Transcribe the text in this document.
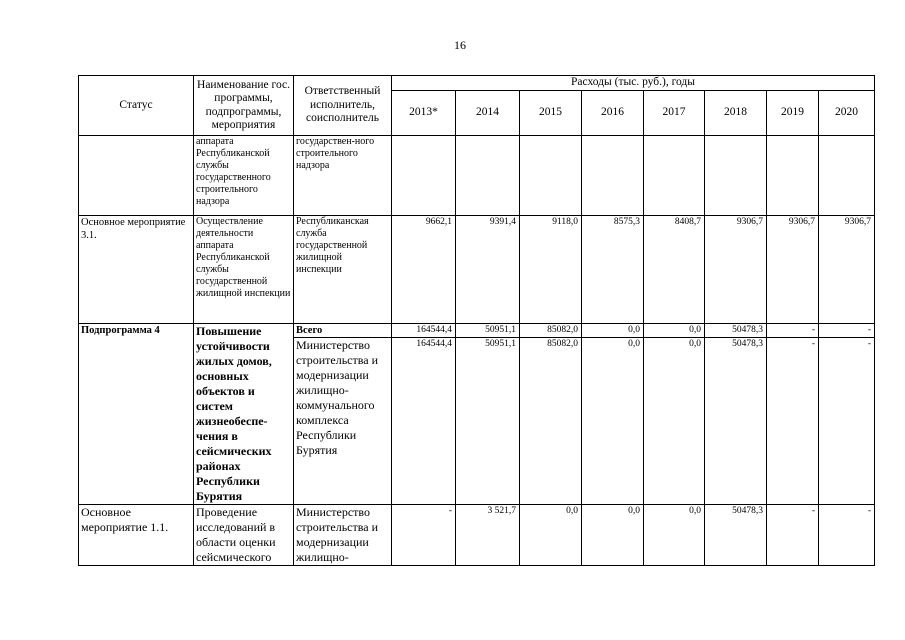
16
Статус	Наименование гос. программы, подпрограммы, мероприятия	Ответственный исполнитель, соисполнитель	Расходы (тыс. руб.), годы							
			2013*	2014	2015	2016	2017	2018	2019	2020
	аппарата Республиканской службы государственного строительного надзора	государствен-ного строительного надзора								
Основное мероприятие 3.1.	Осуществление деятельности аппарата Республиканской службы государственной жилищной инспекции	Республиканская служба государственной жилищной инспекции	9662,1	9391,4	9118,0	8575,3	8408,7	9306,7	9306,7	9306,7
Подпрограмма 4	Повышение устойчивости жилых домов, основных объектов и систем жизнеобеспе-чения в сейсмических районах Республики Бурятия	Всего	164544,4	50951,1	85082,0	0,0	0,0	50478,3	-	-
		Министерство строительства и модернизации жилищно-коммунального комплекса Республики Бурятия	164544,4	50951,1	85082,0	0,0	0,0	50478,3	-	-
Основное мероприятие 1.1.	Проведение исследований в области оценки сейсмического	Министерство строительства и модернизации жилищно-	-	3 521,7	0,0	0,0	0,0	50478,3	-	-
